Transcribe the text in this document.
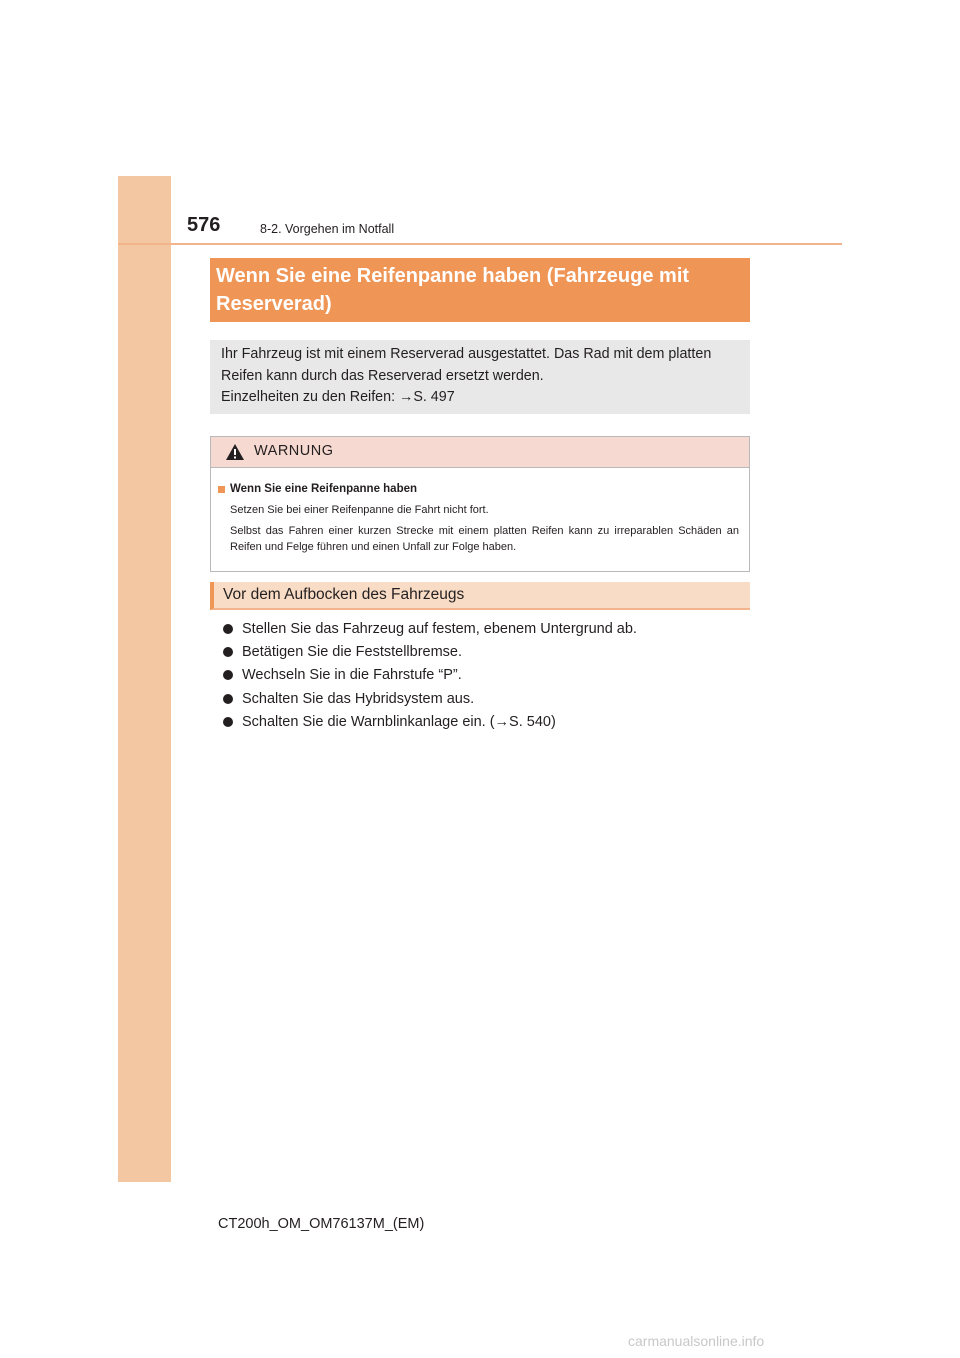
576	8-2. Vorgehen im Notfall
Wenn Sie eine Reifenpanne haben (Fahrzeuge mit
Reserverad)
Ihr Fahrzeug ist mit einem Reserverad ausgestattet. Das Rad mit dem platten
Reifen kann durch das Reserverad ersetzt werden.
Einzelheiten zu den Reifen: →S. 497
WARNUNG
Wenn Sie eine Reifenpanne haben
Setzen Sie bei einer Reifenpanne die Fahrt nicht fort.
Selbst das Fahren einer kurzen Strecke mit einem platten Reifen kann zu irreparablen Schäden an Reifen und Felge führen und einen Unfall zur Folge haben.
Vor dem Aufbocken des Fahrzeugs
Stellen Sie das Fahrzeug auf festem, ebenem Untergrund ab.
Betätigen Sie die Feststellbremse.
Wechseln Sie in die Fahrstufe “P”.
Schalten Sie das Hybridsystem aus.
Schalten Sie die Warnblinkanlage ein. (→S. 540)
CT200h_OM_OM76137M_(EM)
carmanualsonline.info
